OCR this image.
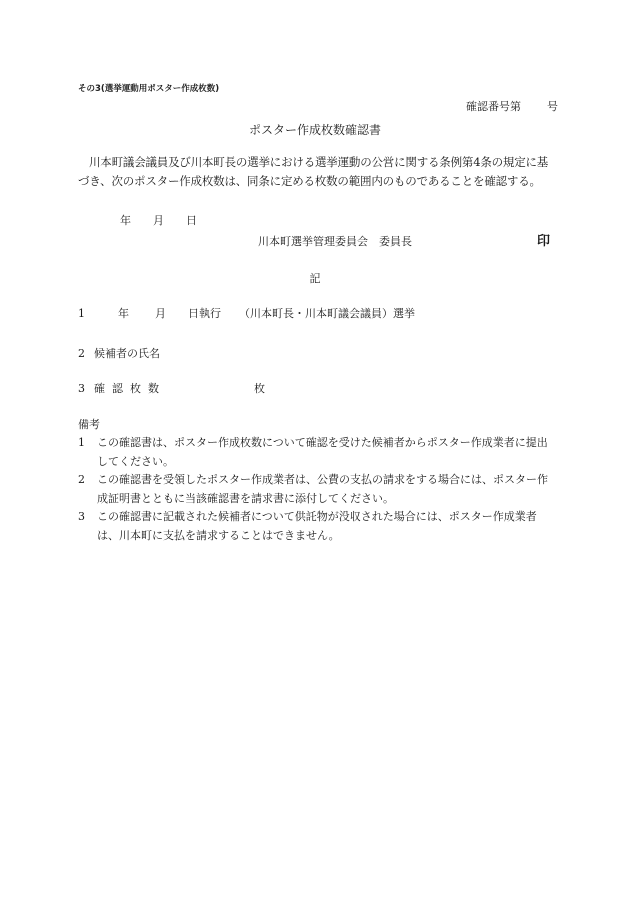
その3(選挙運動用ポスター作成枚数)
確認番号第 号
ポスター作成枚数確認書
川本町議会議員及び川本町長の選挙における選挙運動の公営に関する条例第4条の規定に基づき、次のポスター作成枚数は、同条に定める枚数の範囲内のものであることを確認する。
年 月 日
川本町選挙管理委員会　委員長	印
記
1	年 月 日執行 （川本町長・川本町議会議員）選挙
2 候補者の氏名
3 確認枚数	枚
備考
1 この確認書は、ポスター作成枚数について確認を受けた候補者からポスター作成業者に提出してください。
2 この確認書を受領したポスター作成業者は、公費の支払の請求をする場合には、ポスター作成証明書とともに当該確認書を請求書に添付してください。
3 この確認書に記載された候補者について供託物が没収された場合には、ポスター作成業者は、川本町に支払を請求することはできません。
